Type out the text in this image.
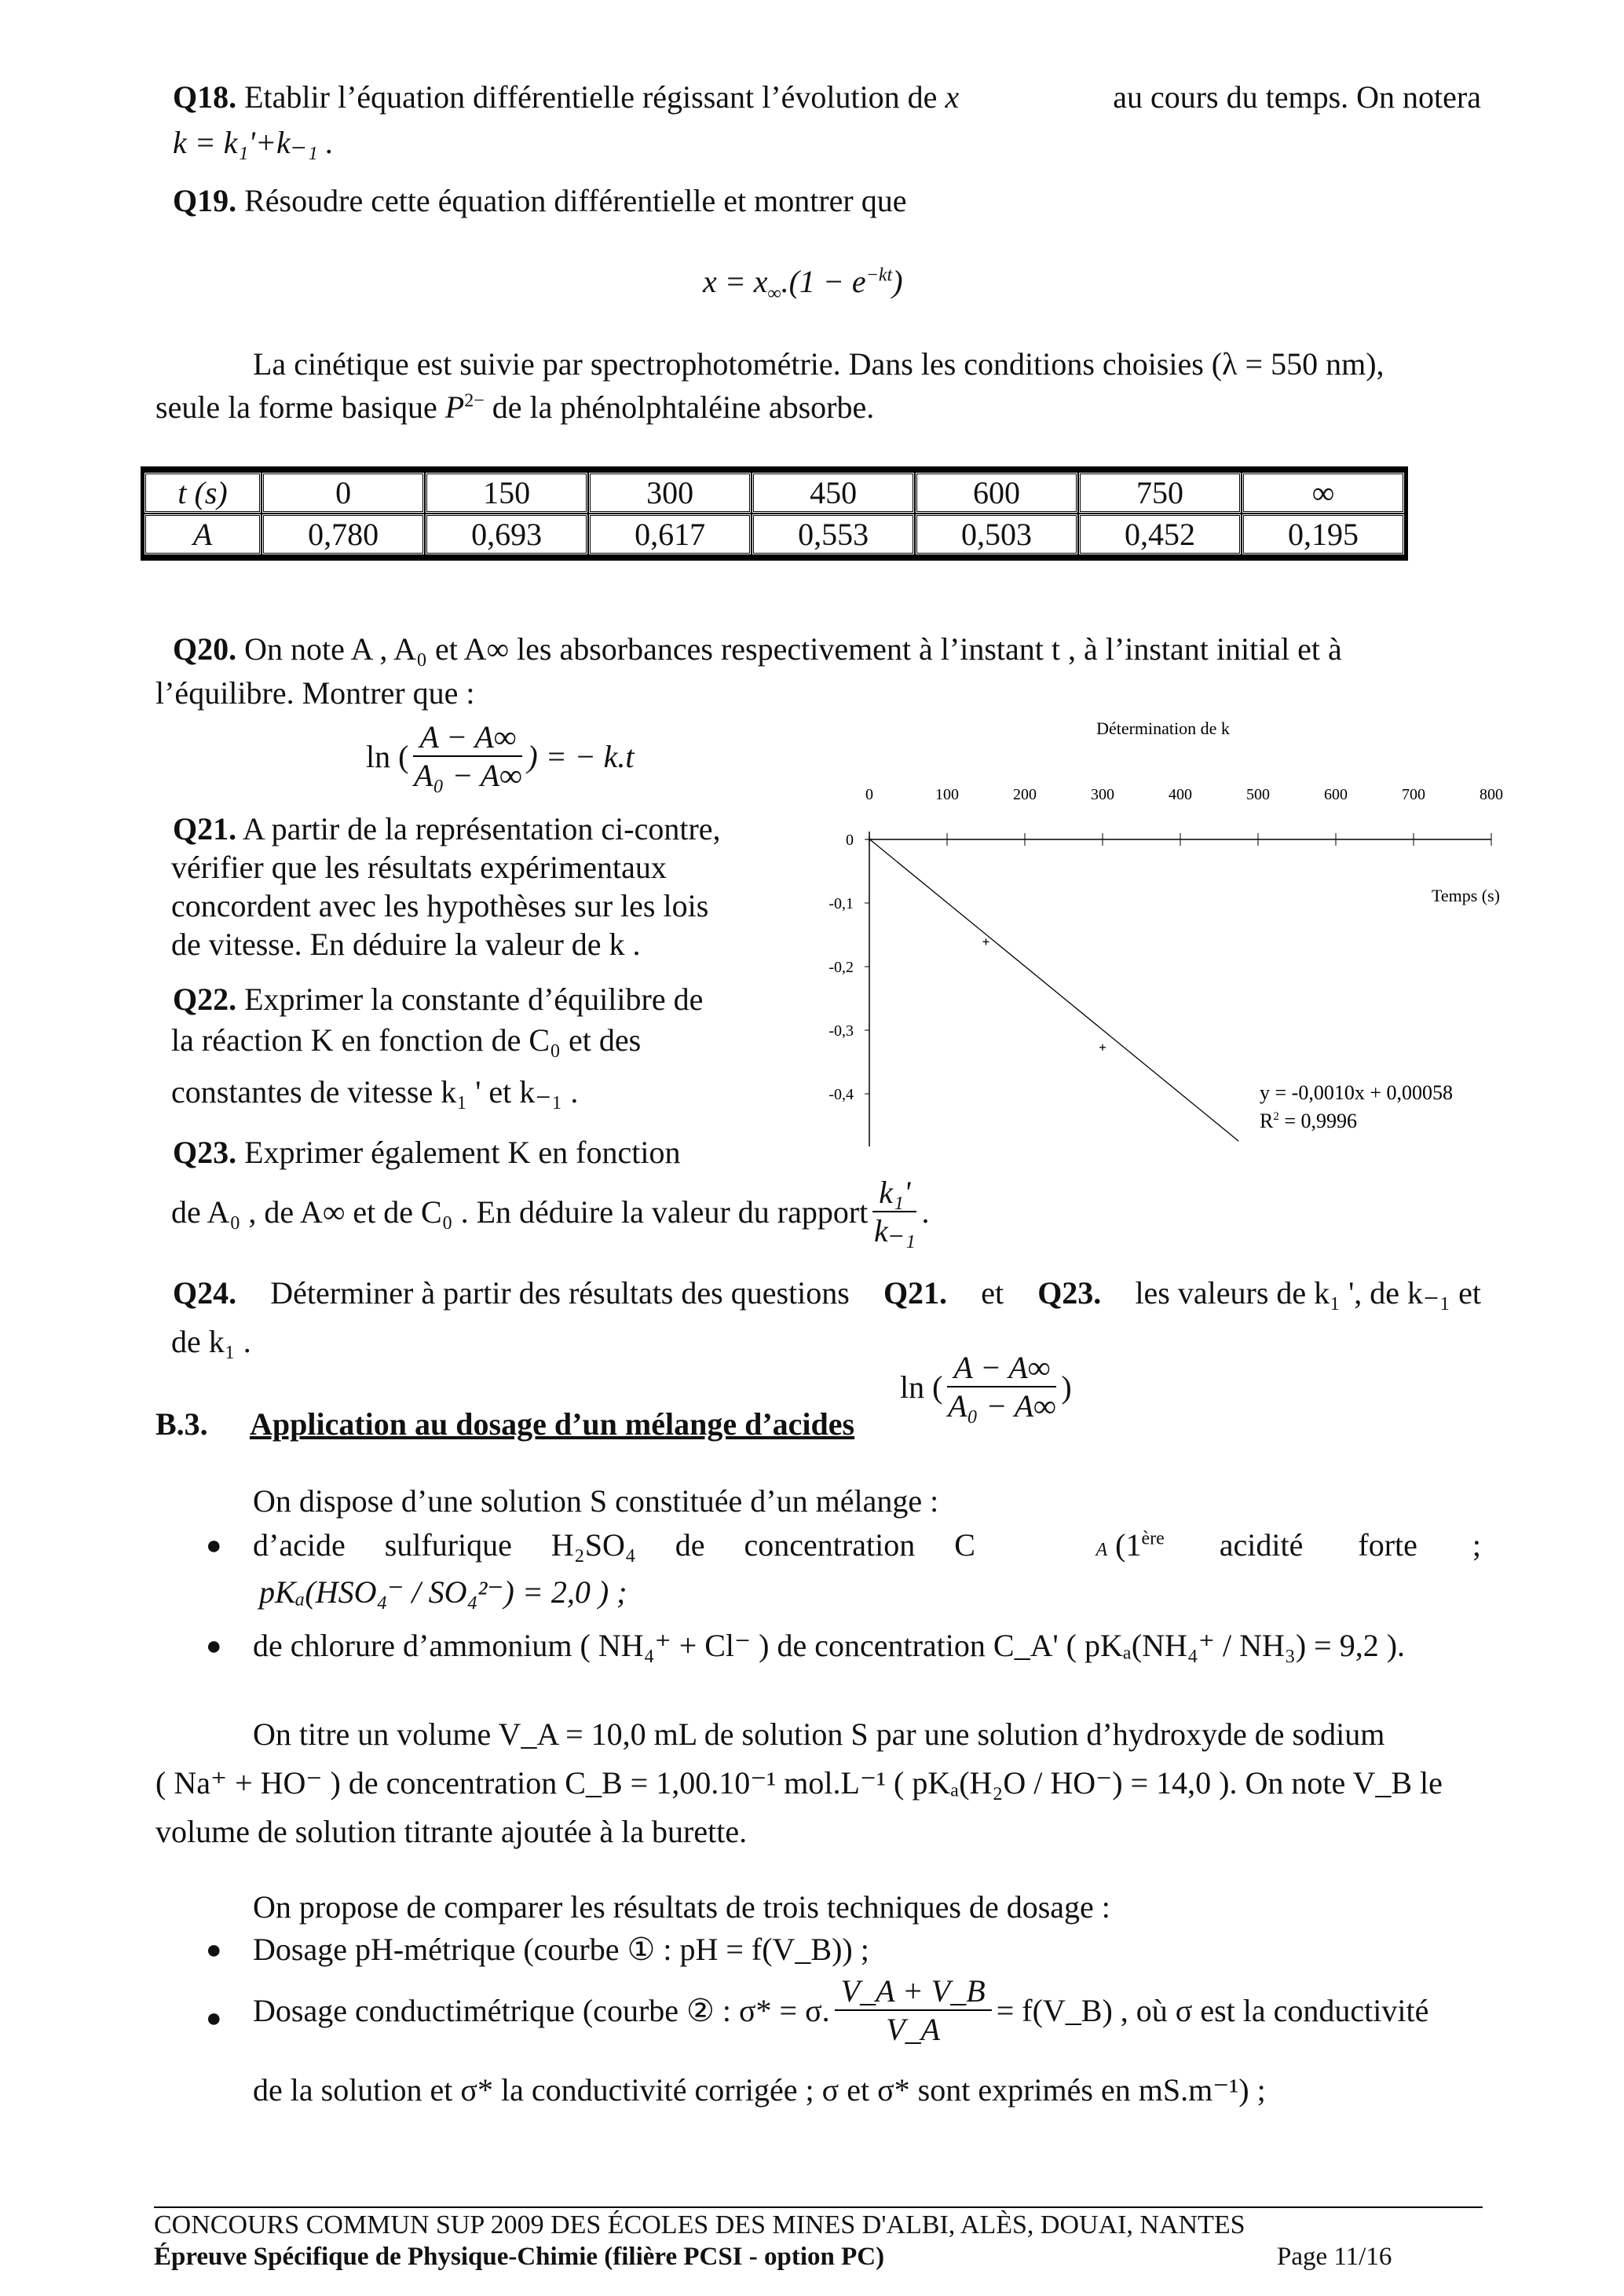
Q18. Etablir l’équation différentielle régissant l’évolution de x	au cours du temps. On notera
k = k₁'+k₋₁ .
Q19. Résoudre cette équation différentielle et montrer que
$x = x_\infty.(1 - e^{-kt})$
La cinétique est suivie par spectrophotométrie. Dans les conditions choisies (λ = 550 nm),
seule la forme basique $P^{2-}$ de la phénolphtaléine absorbe.
t (s)	0	150	300	450	600	750	∞
A	0,780	0,693	0,617	0,553	0,503	0,452	0,195
Q20. On note A , A₀ et A∞ les absorbances respectivement à l’instant t , à l’instant initial et à
l’équilibre. Montrer que :
ln ( $\frac{A - A\infty}{\text{A₀ − A∞}}$ ) = − k.t
Q21. A partir de la représentation ci-contre,
vérifier que les résultats expérimentaux
concordent avec les hypothèses sur les lois
de vitesse. En déduire la valeur de k .
Q22. Exprimer la constante d’équilibre de
la réaction K en fonction de C₀ et des
constantes de vitesse k₁ ' et k₋₁ .
Q23. Exprimer également K en fonction
de A₀ , de A∞ et de C₀ . En déduire la valeur du rapport $\frac{\text{k₁'}}{\text{k₋₁}}$ .
Q24. Déterminer à partir des résultats des questions Q21. et Q23. les valeurs de k₁ ', de k₋₁ et
de k₁ .
B.3. Application au dosage d’un mélange d’acides
On dispose d’une solution S constituée d’un mélange :
● d’acide sulfurique H₂SO₄ de concentration C	A (1ère acidité forte ;
pKₐ(HSO₄⁻ / SO₄²⁻) = 2,0 ) ;
● de chlorure d’ammonium ( NH₄⁺ + Cl⁻ ) de concentration C_A' ( pKₐ(NH₄⁺ / NH₃) = 9,2 ).
On titre un volume V_A = 10,0 mL de solution S par une solution d’hydroxyde de sodium
( Na⁺ + HO⁻ ) de concentration C_B = 1,00.10⁻¹ mol.L⁻¹ ( pKₐ(H₂O / HO⁻) = 14,0 ). On note V_B le
volume de solution titrante ajoutée à la burette.
On propose de comparer les résultats de trois techniques de dosage :
● Dosage pH-métrique (courbe ① : pH = f(V_B)) ;
● Dosage conductimétrique (courbe ② : σ* = σ. $\frac{V\_A + V\_B}{V\_A}$ = f(V_B) , où σ est la conductivité
de la solution et σ* la conductivité corrigée ; σ et σ* sont exprimés en mS.m⁻¹) ;
Détermination de k
Temps (s)
y = -0,0010x + 0,00058
$R^2 = 0,9996$
0	100	200	300	400	500	600	700	800
0
-0,1
-0,2
-0,3
-0,4
ln ( $\frac{A - A\infty}{\text{A₀ − A∞}}$ )
CONCOURS COMMUN SUP 2009 DES ÉCOLES DES MINES D'ALBI, ALÈS, DOUAI, NANTES
Épreuve Spécifique de Physique-Chimie (filière PCSI - option PC)	Page 11/16
